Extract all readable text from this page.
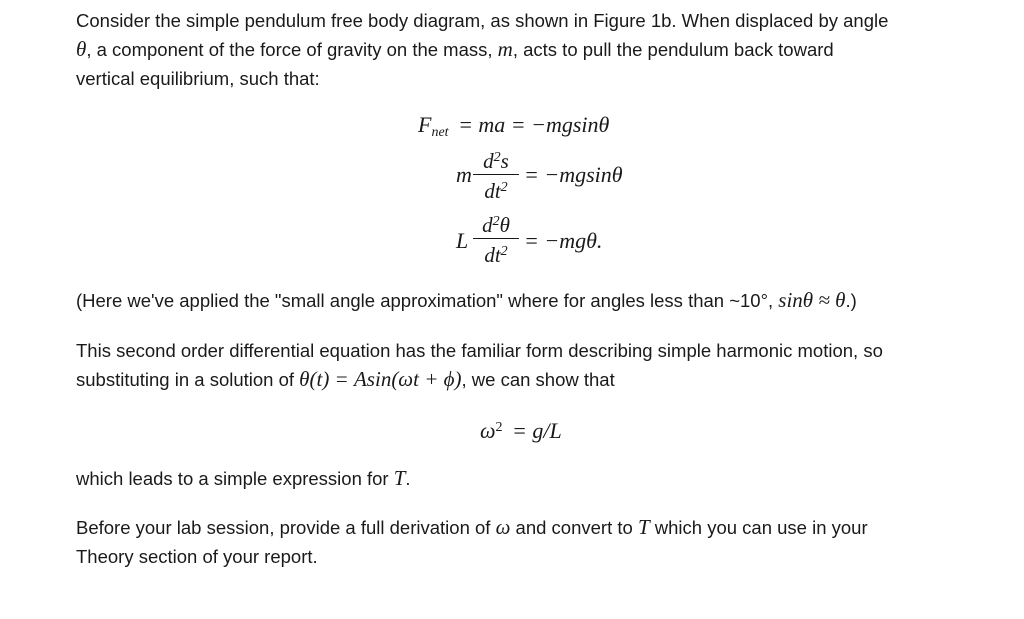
Consider the simple pendulum free body diagram, as shown in Figure 1b. When displaced by angle
θ, a component of the force of gravity on the mass, m, acts to pull the pendulum back toward
vertical equilibrium, such that:

$F_{net}$ = ma = −mgsinθ
m
$d^2s$
$dt^2$
= −mgsinθ
L
$d^2\theta$
$dt^2 = -mg\theta$.

(Here we've applied the "small angle approximation" where for angles less than ~10°, sinθ ≈ θ.)

This second order differential equation has the familiar form describing simple harmonic motion, so
substituting in a solution of θ(t) = Asin(ωt + ϕ), we can show that

$\omega^2 = g/L$

which leads to a simple expression for T.

Before your lab session, provide a full derivation of ω and convert to T which you can use in your
Theory section of your report.
